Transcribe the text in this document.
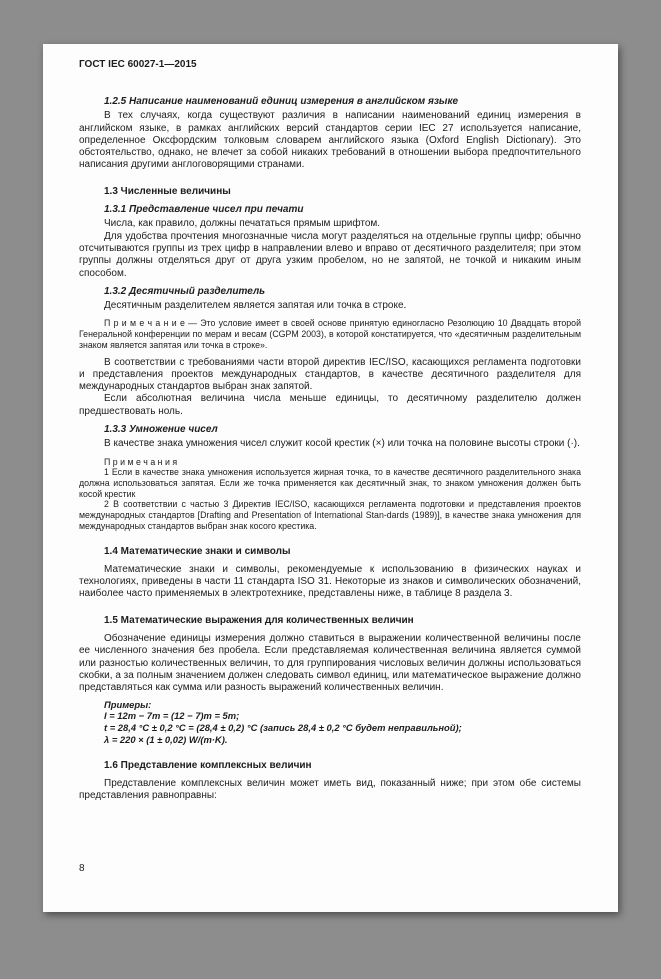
ГОСТ IEC 60027-1—2015
1.2.5 Написание наименований единиц измерения в английском языке
В тех случаях, когда существуют различия в написании наименований единиц измерения в английском языке, в рамках английских версий стандартов серии IEC 27 используется написание, определенное Оксфордским толковым словарем английского языка (Oxford English Dictionary). Это обстоятельство, однако, не влечет за собой никаких требований в отношении выбора предпочтительного написания другими англоговорящими странами.
1.3 Численные величины
1.3.1 Представление чисел при печати
Числа, как правило, должны печататься прямым шрифтом.
Для удобства прочтения многозначные числа могут разделяться на отдельные группы цифр; обычно отсчитываются группы из трех цифр в направлении влево и вправо от десятичного разделителя; при этом группы должны отделяться друг от друга узким пробелом, но не запятой, не точкой и никаким иным способом.
1.3.2 Десятичный разделитель
Десятичным разделителем является запятая или точка в строке.
П р и м е ч а н и е — Это условие имеет в своей основе принятую единогласно Резолюцию 10 Двадцать второй Генеральной конференции по мерам и весам (CGPM 2003), в которой констатируется, что «десятичным разделительным знаком является запятая или точка в строке».
В соответствии с требованиями части второй директив IEC/ISO, касающихся регламента подготовки и представления проектов международных стандартов, в качестве десятичного разделителя для международных стандартов выбран знак запятой.
Если абсолютная величина числа меньше единицы, то десятичному разделителю должен предшествовать ноль.
1.3.3 Умножение чисел
В качестве знака умножения чисел служит косой крестик (×) или точка на половине высоты строки (·).
П р и м е ч а н и я
1 Если в качестве знака умножения используется жирная точка, то в качестве десятичного разделительного знака должна использоваться запятая. Если же точка применяется как десятичный знак, то знаком умножения должен быть косой крестик
2 В соответствии с частью 3 Директив IEC/ISO, касающихся регламента подготовки и представления проектов международных стандартов [Drafting and Presentation of International Stan-dards (1989)], в качестве знака умножения для международных стандартов выбран знак косого крестика.
1.4 Математические знаки и символы
Математические знаки и символы, рекомендуемые к использованию в физических науках и технологиях, приведены в части 11 стандарта ISO 31. Некоторые из знаков и символических обозначений, наиболее часто применяемых в электротехнике, представлены ниже, в таблице 8 раздела 3.
1.5 Математические выражения для количественных величин
Обозначение единицы измерения должно ставиться в выражении количественной величины после ее численного значения без пробела. Если представляемая количественная величина является суммой или разностью количественных величин, то для группирования числовых величин должны использоваться скобки, а за полным значением должен следовать символ единиц, или математическое выражение должно представляться как сумма или разность выражений количественных величин.
Примеры:
l = 12m − 7m = (12 − 7)m = 5m;
t = 28,4 °C ± 0,2 °C = (28,4 ± 0,2) °C (запись 28,4 ± 0,2 °C будет неправильной);
λ = 220 × (1 ± 0,02) W/(m·K).
1.6 Представление комплексных величин
Представление комплексных величин может иметь вид, показанный ниже; при этом обе системы представления равноправны:
8
